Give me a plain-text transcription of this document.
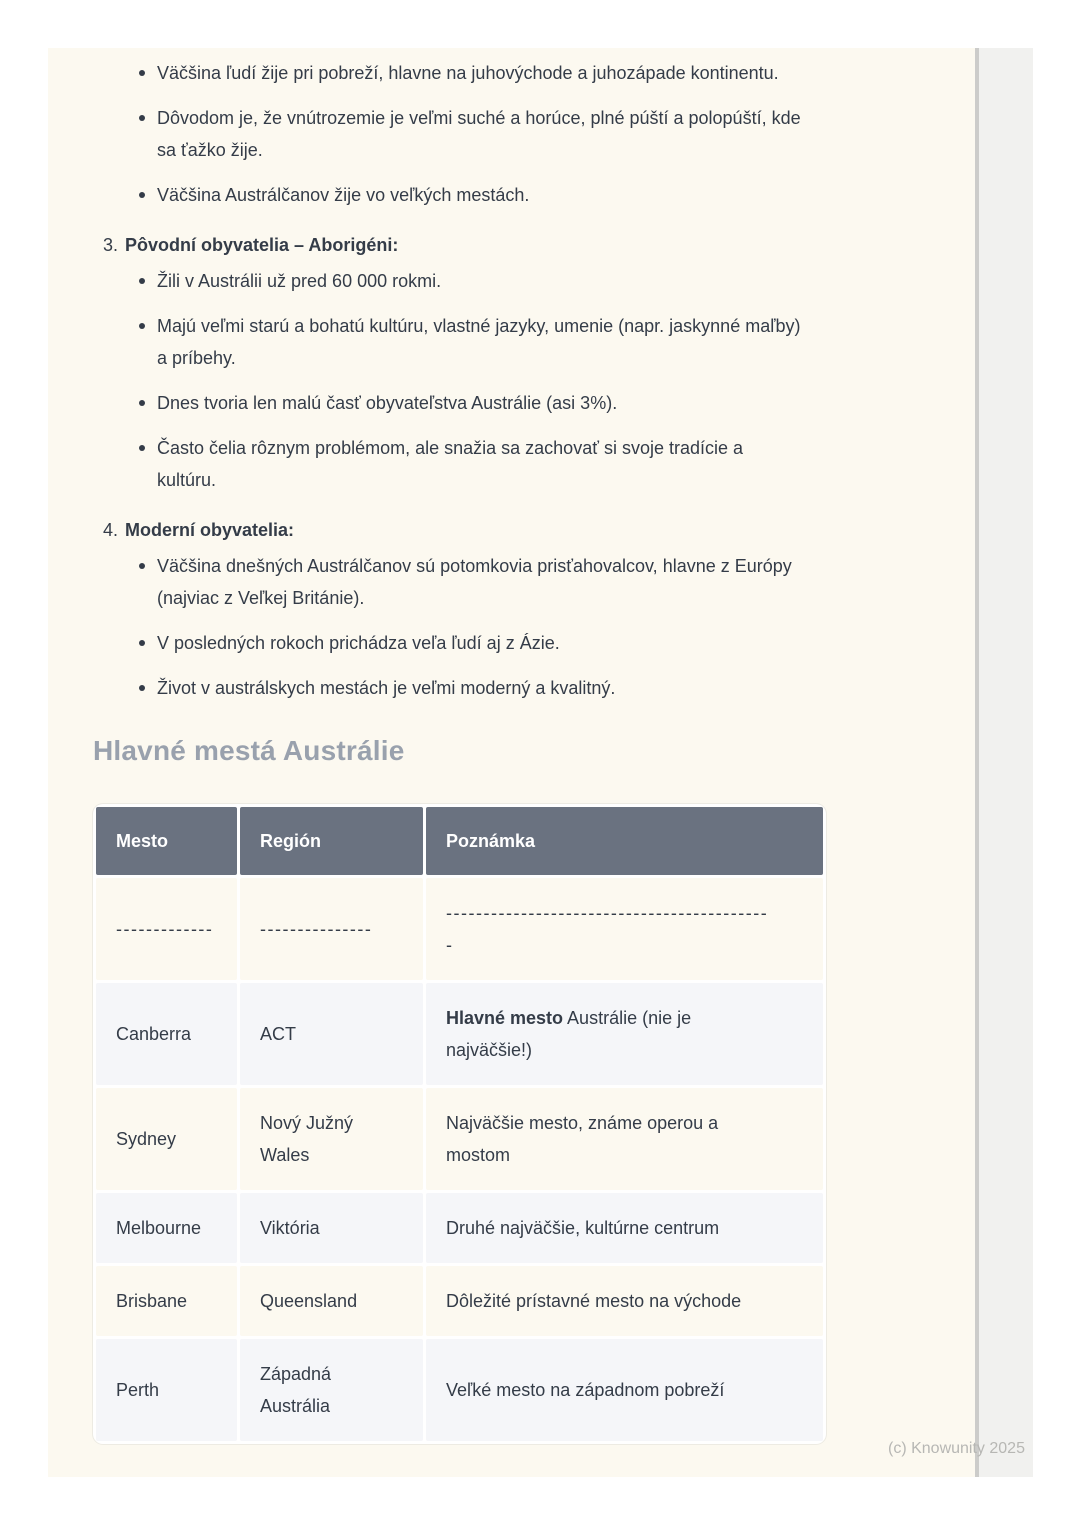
Väčšina ľudí žije pri pobreží, hlavne na juhovýchode a juhozápade kontinentu.
Dôvodom je, že vnútrozemie je veľmi suché a horúce, plné púští a polopúští, kde sa ťažko žije.
Väčšina Austrálčanov žije vo veľkých mestách.
3. Pôvodní obyvatelia – Aborigéni:
Žili v Austrálii už pred 60 000 rokmi.
Majú veľmi starú a bohatú kultúru, vlastné jazyky, umenie (napr. jaskynné maľby) a príbehy.
Dnes tvoria len malú časť obyvateľstva Austrálie (asi 3%).
Často čelia rôznym problémom, ale snažia sa zachovať si svoje tradície a kultúru.
4. Moderní obyvatelia:
Väčšina dnešných Austrálčanov sú potomkovia prisťahovalcov, hlavne z Európy (najviac z Veľkej Británie).
V posledných rokoch prichádza veľa ľudí aj z Ázie.
Život v austrálskych mestách je veľmi moderný a kvalitný.
Hlavné mestá Austrálie
Mesto	Región	Poznámka
-------------	---------------	--------------------------------------------
Canberra	ACT	Hlavné mesto Austrálie (nie je najväčšie!)
Sydney	Nový Južný Wales	Najväčšie mesto, známe operou a mostom
Melbourne	Viktória	Druhé najväčšie, kultúrne centrum
Brisbane	Queensland	Dôležité prístavné mesto na východe
Perth	Západná Austrália	Veľké mesto na západnom pobreží
(c) Knowunity 2025
